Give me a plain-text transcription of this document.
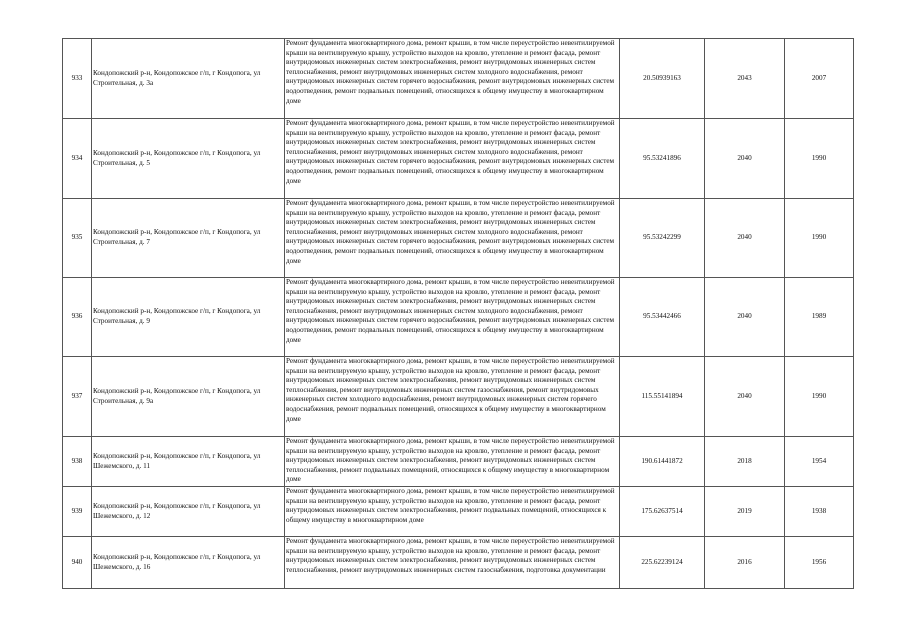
933	Кондопожский р-н, Кондопожское г/п, г Кондопога, ул Строительная, д. 3а	Ремонт фундамента многоквартирного дома, ремонт крыши, в том числе переустройство невентилируемой крыши на вентилируемую крышу, устройство выходов на кровлю, утепление и ремонт фасада, ремонт внутридомовых инженерных систем электроснабжения, ремонт внутридомовых инженерных систем теплоснабжения, ремонт внутридомовых инженерных систем холодного водоснабжения, ремонт внутридомовых инженерных систем горячего водоснабжения, ремонт внутридомовых инженерных систем водоотведения, ремонт подвальных помещений, относящихся к общему имуществу в многоквартирном доме	20.50939163	2043	2007
934	Кондопожский р-н, Кондопожское г/п, г Кондопога, ул Строительная, д. 5	Ремонт фундамента многоквартирного дома, ремонт крыши, в том числе переустройство невентилируемой крыши на вентилируемую крышу, устройство выходов на кровлю, утепление и ремонт фасада, ремонт внутридомовых инженерных систем электроснабжения, ремонт внутридомовых инженерных систем теплоснабжения, ремонт внутридомовых инженерных систем холодного водоснабжения, ремонт внутридомовых инженерных систем горячего водоснабжения, ремонт внутридомовых инженерных систем водоотведения, ремонт подвальных помещений, относящихся к общему имуществу в многоквартирном доме	95.53241896	2040	1990
935	Кондопожский р-н, Кондопожское г/п, г Кондопога, ул Строительная, д. 7	Ремонт фундамента многоквартирного дома, ремонт крыши, в том числе переустройство невентилируемой крыши на вентилируемую крышу, устройство выходов на кровлю, утепление и ремонт фасада, ремонт внутридомовых инженерных систем электроснабжения, ремонт внутридомовых инженерных систем теплоснабжения, ремонт внутридомовых инженерных систем холодного водоснабжения, ремонт внутридомовых инженерных систем горячего водоснабжения, ремонт внутридомовых инженерных систем водоотведения, ремонт подвальных помещений, относящихся к общему имуществу в многоквартирном доме	95.53242299	2040	1990
936	Кондопожский р-н, Кондопожское г/п, г Кондопога, ул Строительная, д. 9	Ремонт фундамента многоквартирного дома, ремонт крыши, в том числе переустройство невентилируемой крыши на вентилируемую крышу, устройство выходов на кровлю, утепление и ремонт фасада, ремонт внутридомовых инженерных систем электроснабжения, ремонт внутридомовых инженерных систем теплоснабжения, ремонт внутридомовых инженерных систем холодного водоснабжения, ремонт внутридомовых инженерных систем горячего водоснабжения, ремонт внутридомовых инженерных систем водоотведения, ремонт подвальных помещений, относящихся к общему имуществу в многоквартирном доме	95.53442466	2040	1989
937	Кондопожский р-н, Кондопожское г/п, г Кондопога, ул Строительная, д. 9а	Ремонт фундамента многоквартирного дома, ремонт крыши, в том числе переустройство невентилируемой крыши на вентилируемую крышу, устройство выходов на кровлю, утепление и ремонт фасада, ремонт внутридомовых инженерных систем электроснабжения, ремонт внутридомовых инженерных систем теплоснабжения, ремонт внутридомовых инженерных систем газоснабжения, ремонт внутридомовых инженерных систем холодного водоснабжения, ремонт внутридомовых инженерных систем горячего водоснабжения, ремонт подвальных помещений, относящихся к общему имуществу в многоквартирном доме	115.55141894	2040	1990
938	Кондопожский р-н, Кондопожское г/п, г Кондопога, ул Шежемского, д. 11	Ремонт фундамента многоквартирного дома, ремонт крыши, в том числе переустройство невентилируемой крыши на вентилируемую крышу, устройство выходов на кровлю, утепление и ремонт фасада, ремонт внутридомовых инженерных систем электроснабжения, ремонт внутридомовых инженерных систем теплоснабжения, ремонт подвальных помещений, относящихся к общему имуществу в многоквартирном доме	190.61441872	2018	1954
939	Кондопожский р-н, Кондопожское г/п, г Кондопога, ул Шежемского, д. 12	Ремонт фундамента многоквартирного дома, ремонт крыши, в том числе переустройство невентилируемой крыши на вентилируемую крышу, устройство выходов на кровлю, утепление и ремонт фасада, ремонт внутридомовых инженерных систем электроснабжения, ремонт подвальных помещений, относящихся к общему имуществу в многоквартирном доме	175.62637514	2019	1938
940	Кондопожский р-н, Кондопожское г/п, г Кондопога, ул Шежемского, д. 16	Ремонт фундамента многоквартирного дома, ремонт крыши, в том числе переустройство невентилируемой крыши на вентилируемую крышу, устройство выходов на кровлю, утепление и ремонт фасада, ремонт внутридомовых инженерных систем электроснабжения, ремонт внутридомовых инженерных систем теплоснабжения, ремонт внутридомовых инженерных систем газоснабжения, подготовка документации	225.62239124	2016	1956
